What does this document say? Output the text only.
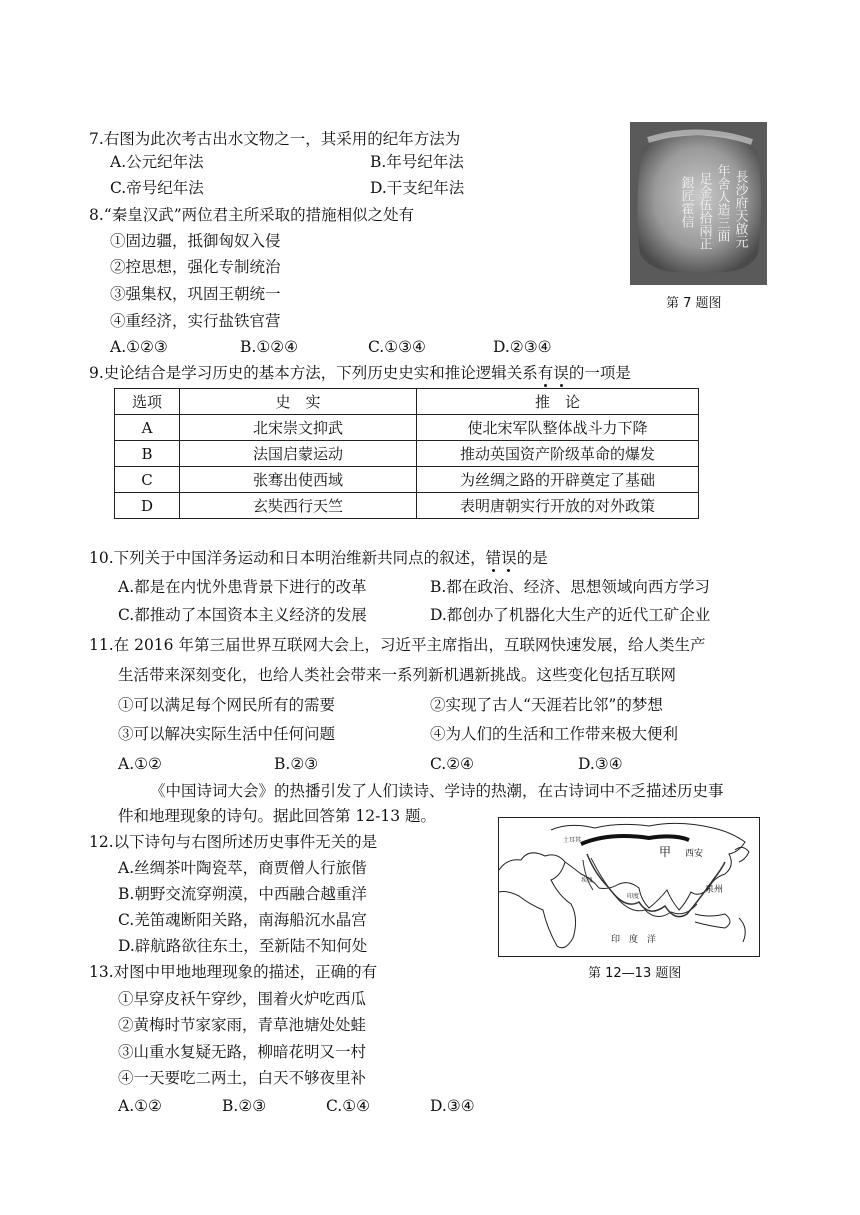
7.右图为此次考古出水文物之一，其采用的纪年方法为
A.公元纪年法	B.年号纪年法
C.帝号纪年法	D.干支纪年法	長沙府天啟元
年舍人造三面
足金伍拾兩正
銀匠霍信
第 7 题图
8.“秦皇汉武”两位君主所采取的措施相似之处有
①固边疆，抵御匈奴入侵
②控思想，强化专制统治
③强集权，巩固王朝统一
④重经济，实行盐铁官营
A.①②③	B.①②④	C.①③④	D.②③④
9.史论结合是学习历史的基本方法，下列历史史实和推论逻辑关系有误的一项是
选项	史　实	推　论
A	北宋崇文抑武	使北宋军队整体战斗力下降
B	法国启蒙运动	推动英国资产阶级革命的爆发
C	张骞出使西域	为丝绸之路的开辟奠定了基础
D	玄奘西行天竺	表明唐朝实行开放的对外政策
10.下列关于中国洋务运动和日本明治维新共同点的叙述，错误的是
A.都是在内忧外患背景下进行的改革	B.都在政治、经济、思想领域向西方学习
C.都推动了本国资本主义经济的发展	D.都创办了机器化大生产的近代工矿企业
11.在 2016 年第三届世界互联网大会上，习近平主席指出，互联网快速发展，给人类生产
生活带来深刻变化，也给人类社会带来一系列新机遇新挑战。这些变化包括互联网
①可以满足每个网民所有的需要	②实现了古人“天涯若比邻”的梦想
③可以解决实际生活中任何问题	④为人们的生活和工作带来极大便利
A.①②	B.②③	C.②④	D.③④
《中国诗词大会》的热播引发了人们读诗、学诗的热潮，在古诗词中不乏描述历史事
件和地理现象的诗句。据此回答第 12-13 题。
12.以下诗句与右图所述历史事件无关的是
A.丝绸茶叶陶瓷萃，商贾僧人行旅偕
B.朝野交流穿朔漠，中西融合越重洋
C.羌笛魂断阳关路，南海船沉水晶宫
D.辟航路欲往东土，至新陆不知何处
甲 西安
泉州
印　度　洋
土耳其
埃及
印度
第 12—13 题图
13.对图中甲地地理现象的描述，正确的有
①早穿皮袄午穿纱，围着火炉吃西瓜
②黄梅时节家家雨，青草池塘处处蛙
③山重水复疑无路，柳暗花明又一村
④一天要吃二两土，白天不够夜里补
A.①②	B.②③	C.①④	D.③④
